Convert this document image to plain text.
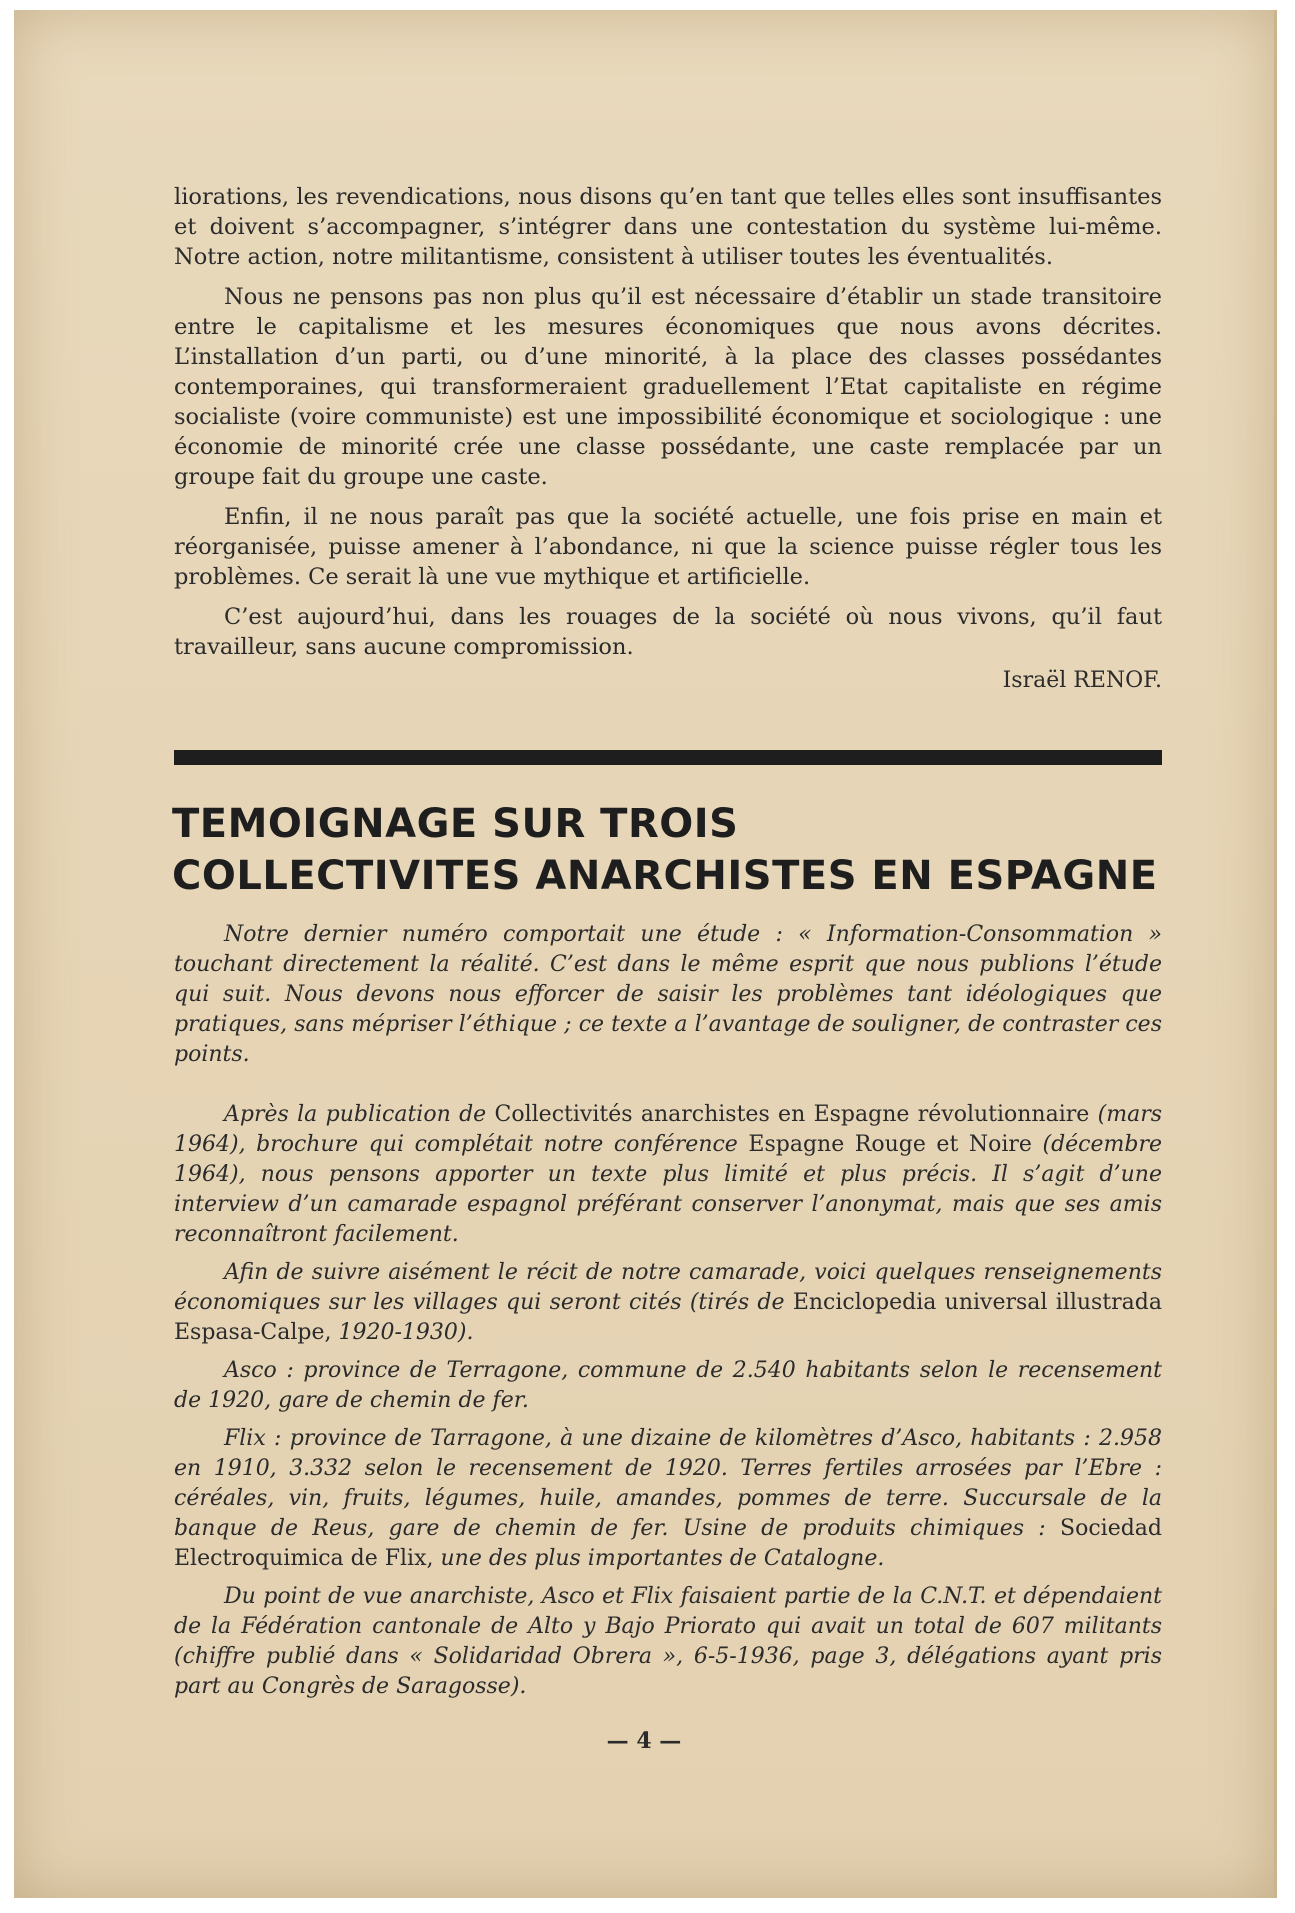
liorations, les revendications, nous disons qu’en tant que telles elles sont insuffisantes et doivent s’accompagner, s’intégrer dans une contestation du système lui-même. Notre action, notre militantisme, consistent à utiliser toutes les éventualités.

Nous ne pensons pas non plus qu’il est nécessaire d’établir un stade transitoire entre le capitalisme et les mesures économiques que nous avons décrites. L’installation d’un parti, ou d’une minorité, à la place des classes possédantes contemporaines, qui transformeraient graduellement l’Etat capitaliste en régime socialiste (voire communiste) est une impossibilité économique et sociologique : une économie de minorité crée une classe possédante, une caste remplacée par un groupe fait du groupe une caste.

Enfin, il ne nous paraît pas que la société actuelle, une fois prise en main et réorganisée, puisse amener à l’abondance, ni que la science puisse régler tous les problèmes. Ce serait là une vue mythique et artificielle.

C’est aujourd’hui, dans les rouages de la société où nous vivons, qu’il faut travailleur, sans aucune compromission.

Israël RENOF.

TEMOIGNAGE SUR TROIS
COLLECTIVITES ANARCHISTES EN ESPAGNE

Notre dernier numéro comportait une étude : « Information-Consommation » touchant directement la réalité. C’est dans le même esprit que nous publions l’étude qui suit. Nous devons nous efforcer de saisir les problèmes tant idéologiques que pratiques, sans mépriser l’éthique ; ce texte a l’avantage de souligner, de contraster ces points.

Après la publication de Collectivités anarchistes en Espagne révolutionnaire (mars 1964), brochure qui complétait notre conférence Espagne Rouge et Noire (décembre 1964), nous pensons apporter un texte plus limité et plus précis. Il s’agit d’une interview d’un camarade espagnol préférant conserver l’anonymat, mais que ses amis reconnaîtront facilement.

Afin de suivre aisément le récit de notre camarade, voici quelques renseignements économiques sur les villages qui seront cités (tirés de Enciclopedia universal illustrada Espasa-Calpe, 1920-1930).

Asco : province de Terragone, commune de 2.540 habitants selon le recensement de 1920, gare de chemin de fer.

Flix : province de Tarragone, à une dizaine de kilomètres d’Asco, habitants : 2.958 en 1910, 3.332 selon le recensement de 1920. Terres fertiles arrosées par l’Ebre : céréales, vin, fruits, légumes, huile, amandes, pommes de terre. Succursale de la banque de Reus, gare de chemin de fer. Usine de produits chimiques : Sociedad Electroquimica de Flix, une des plus importantes de Catalogne.

Du point de vue anarchiste, Asco et Flix faisaient partie de la C.N.T. et dépendaient de la Fédération cantonale de Alto y Bajo Priorato qui avait un total de 607 militants (chiffre publié dans « Solidaridad Obrera », 6-5-1936, page 3, délégations ayant pris part au Congrès de Saragosse).

— 4 —
